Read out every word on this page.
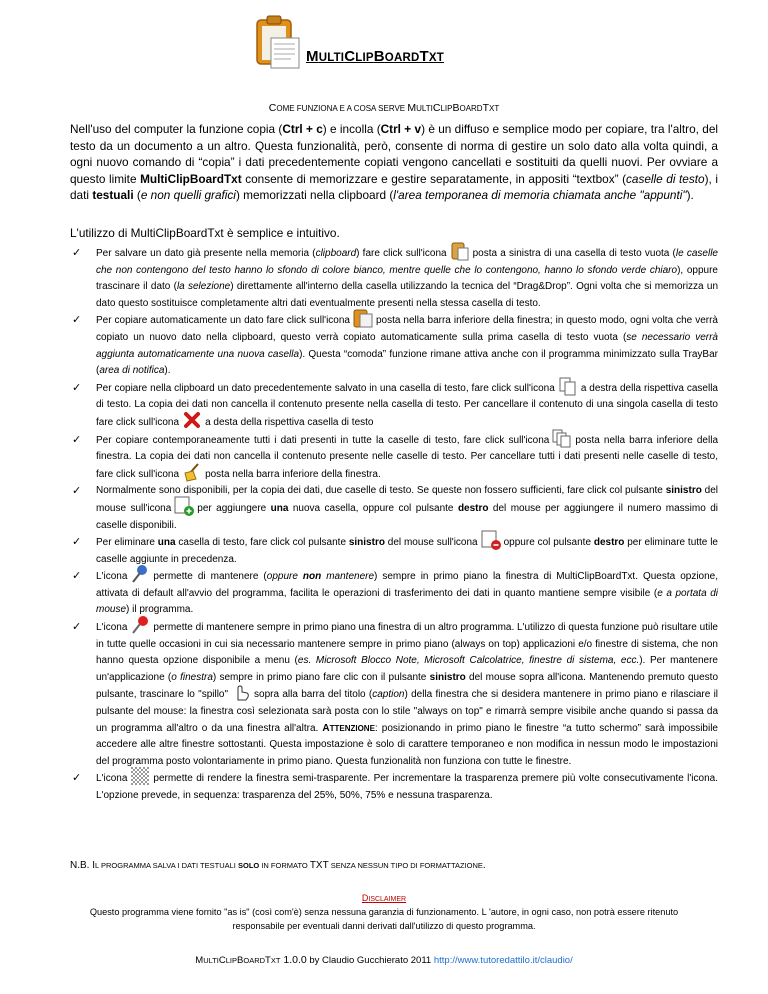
MULTICLIPBOARDTXT
COME FUNZIONA E A COSA SERVE MULTICLIPBOARDTXT

Nell'uso del computer la funzione copia (Ctrl + c) e incolla (Ctrl + v) è un diffuso e semplice modo per copiare, tra l'altro, del testo da un documento a un altro. Questa funzionalità, però, consente di norma di gestire un solo dato alla volta quindi, a ogni nuovo comando di “copia” i dati precedentemente copiati vengono cancellati e sostituiti da quelli nuovi. Per ovviare a questo limite MultiClipBoardTxt consente di memorizzare e gestire separatamente, in appositi “textbox” (caselle di testo), i dati testuali (e non quelli grafici) memorizzati nella clipboard (l'area temporanea di memoria chiamata anche "appunti").

L'utilizzo di MultiClipBoardTxt è semplice e intuitivo.

✓ Per salvare un dato già presente nella memoria (clipboard) fare click sull'icona	posta a sinistra di una casella di testo vuota (le caselle che non contengono del testo hanno lo sfondo di colore bianco, mentre quelle che lo contengono, hanno lo sfondo verde chiaro), oppure trascinare il dato (la selezione) direttamente all'interno della casella utilizzando la tecnica del “Drag&Drop”. Ogni volta che si memorizza un dato questo sostituisce completamente altri dati eventualmente presenti nella stessa casella di testo.
✓ Per copiare automaticamente un dato fare click sull'icona	posta nella barra inferiore della finestra; in questo modo, ogni volta che verrà copiato un nuovo dato nella clipboard, questo verrà copiato automaticamente sulla prima casella di testo vuota (se necessario verrà aggiunta automaticamente una nuova casella). Questa “comoda” funzione rimane attiva anche con il programma minimizzato sulla TrayBar (area di notifica).
✓ Per copiare nella clipboard un dato precedentemente salvato in una casella di testo, fare click sull'icona	a destra della rispettiva casella di testo. La copia dei dati non cancella il contenuto presente nella casella di testo. Per cancellare il contenuto di una singola casella di testo fare click sull'icona	a desta della rispettiva casella di testo
✓ Per copiare contemporaneamente tutti i dati presenti in tutte la caselle di testo, fare click sull'icona	posta nella barra inferiore della finestra. La copia dei dati non cancella il contenuto presente nelle caselle di testo. Per cancellare tutti i dati presenti nelle caselle di testo, fare click sull'icona	posta nella barra inferiore della finestra.
✓ Normalmente sono disponibili, per la copia dei dati, due caselle di testo. Se queste non fossero sufficienti, fare click col pulsante sinistro del mouse sull'icona	per aggiungere una nuova casella, oppure col pulsante destro del mouse per aggiungere il numero massimo di caselle disponibili.
✓ Per eliminare una casella di testo, fare click col pulsante sinistro del mouse sull'icona	oppure col pulsante destro per eliminare tutte le caselle aggiunte in precedenza.
✓ L'icona	permette di mantenere (oppure non mantenere) sempre in primo piano la finestra di MultiClipBoardTxt. Questa opzione, attivata di default all'avvio del programma, facilita le operazioni di trasferimento dei dati in quanto mantiene sempre visibile (e a portata di mouse) il programma.
✓ L'icona	permette di mantenere sempre in primo piano una finestra di un altro programma. L'utilizzo di questa funzione può risultare utile in tutte quelle occasioni in cui sia necessario mantenere sempre in primo piano (always on top) applicazioni e/o finestre di sistema, che non hanno questa opzione disponibile a menu (es. Microsoft Blocco Note, Microsoft Calcolatrice, finestre di sistema, ecc.). Per mantenere un'applicazione (o finestra) sempre in primo piano fare clic con il pulsante sinistro del mouse sopra all'icona. Mantenendo premuto questo pulsante, trascinare lo "spillo"	sopra alla barra del titolo (caption) della finestra che si desidera mantenere in primo piano e rilasciare il pulsante del mouse: la finestra così selezionata sarà posta con lo stile "always on top" e rimarrà sempre visibile anche quando si passa da un programma all'altro o da una finestra all'altra. ATTENZIONE: posizionando in primo piano le finestre “a tutto schermo” sarà impossibile accedere alle altre finestre sottostanti. Questa impostazione è solo di carattere temporaneo e non modifica in nessun modo le impostazioni del programma posto volontariamente in primo piano. Questa funzionalità non funziona con tutte le finestre.
✓ L'icona	permette di rendere la finestra semi-trasparente. Per incrementare la trasparenza premere più volte consecutivamente l'icona. L'opzione prevede, in sequenza: trasparenza del 25%, 50%, 75% e nessuna trasparenza.
N.B. IL PROGRAMMA SALVA I DATI TESTUALI SOLO IN FORMATO TXT SENZA NESSUN TIPO DI FORMATTAZIONE.
DISCLAIMER
Questo programma viene fornito "as is" (così com'è) senza nessuna garanzia di funzionamento. L 'autore, in ogni caso, non potrà essere ritenuto responsabile per eventuali danni derivati dall'utilizzo di questo programma.
MULTICLIPBOARDTXT 1.0.0 by Claudio Gucchierato 2011 http://www.tutoredattilo.it/claudio/
